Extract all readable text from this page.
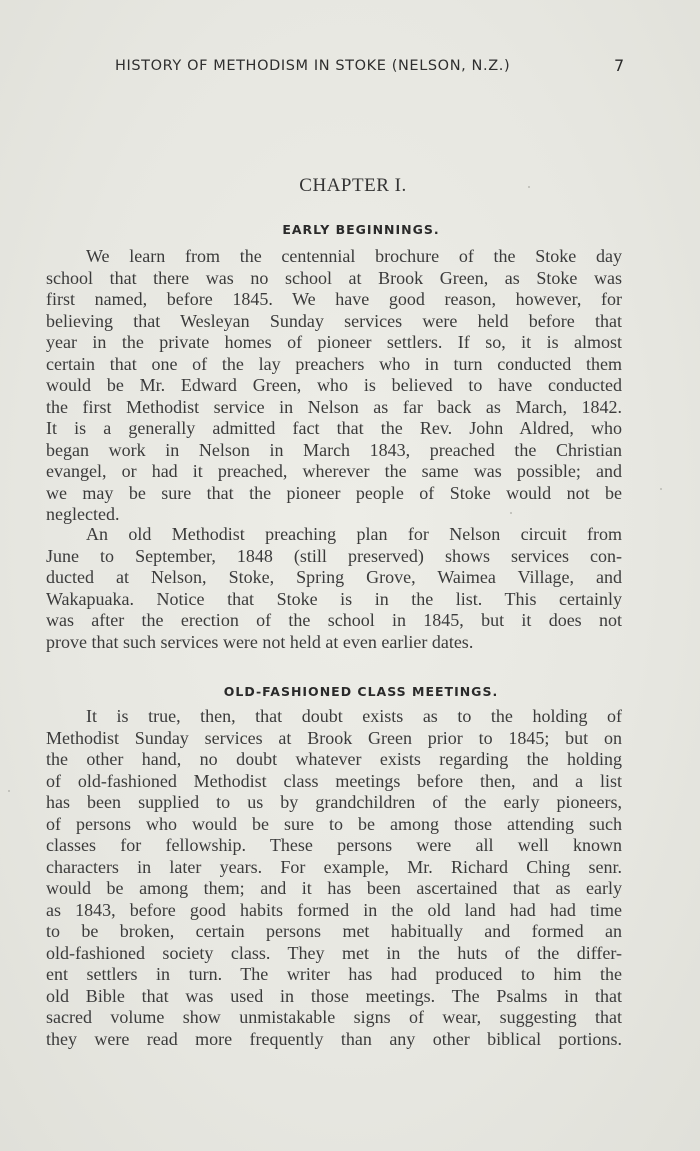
HISTORY OF METHODISM IN STOKE (NELSON, N.Z.)	7
CHAPTER I.
EARLY BEGINNINGS.
We learn from the centennial brochure of the Stoke day
school that there was no school at Brook Green, as Stoke was
first named, before 1845. We have good reason, however, for
believing that Wesleyan Sunday services were held before that
year in the private homes of pioneer settlers. If so, it is almost
certain that one of the lay preachers who in turn conducted them
would be Mr. Edward Green, who is believed to have conducted
the first Methodist service in Nelson as far back as March, 1842.
It is a generally admitted fact that the Rev. John Aldred, who
began work in Nelson in March 1843, preached the Christian
evangel, or had it preached, wherever the same was possible; and
we may be sure that the pioneer people of Stoke would not be
neglected.
An old Methodist preaching plan for Nelson circuit from
June to September, 1848 (still preserved) shows services con-
ducted at Nelson, Stoke, Spring Grove, Waimea Village, and
Wakapuaka. Notice that Stoke is in the list. This certainly
was after the erection of the school in 1845, but it does not
prove that such services were not held at even earlier dates.
OLD-FASHIONED CLASS MEETINGS.
It is true, then, that doubt exists as to the holding of
Methodist Sunday services at Brook Green prior to 1845; but on
the other hand, no doubt whatever exists regarding the holding
of old-fashioned Methodist class meetings before then, and a list
has been supplied to us by grandchildren of the early pioneers,
of persons who would be sure to be among those attending such
classes for fellowship. These persons were all well known
characters in later years. For example, Mr. Richard Ching senr.
would be among them; and it has been ascertained that as early
as 1843, before good habits formed in the old land had had time
to be broken, certain persons met habitually and formed an
old-fashioned society class. They met in the huts of the differ-
ent settlers in turn. The writer has had produced to him the
old Bible that was used in those meetings. The Psalms in that
sacred volume show unmistakable signs of wear, suggesting that
they were read more frequently than any other biblical portions.
